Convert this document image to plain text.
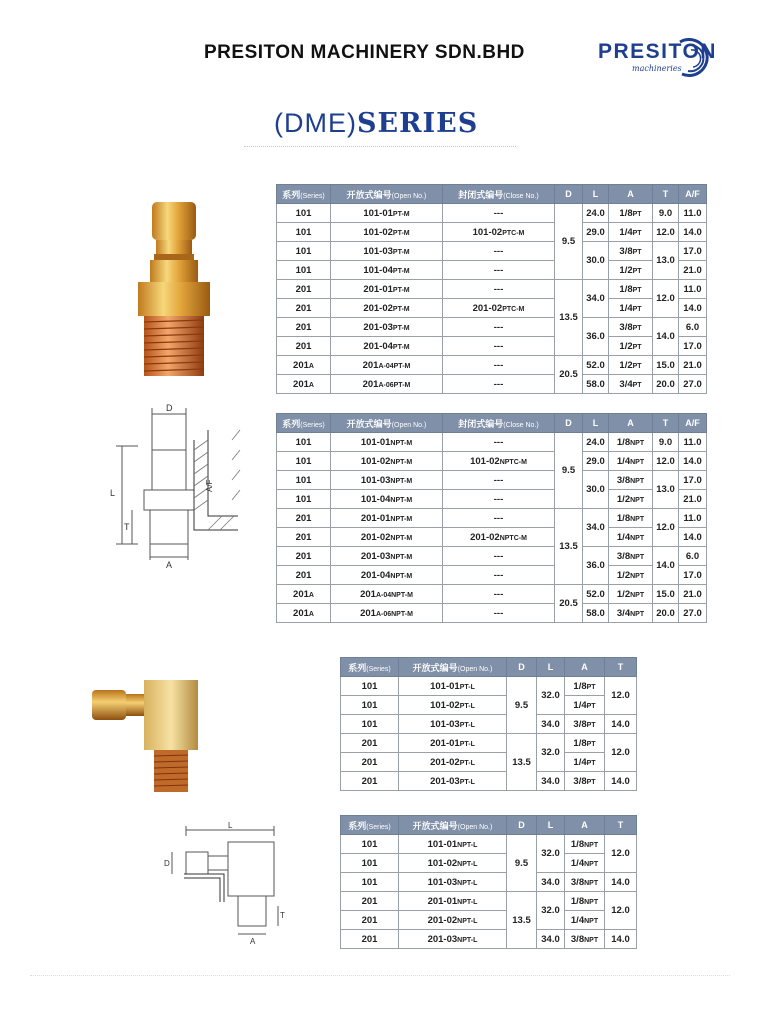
PRESITON MACHINERY SDN.BHD	PRESITON
machineries
(DME)SERIES
D
L
T
A
A/F
L
D
T
A
系列(Series)	开放式编号(Open No.)	封闭式编号(Close No.)	D	L	A	T	A/F
101	101-01PT-M	---	9.5	24.0	1/8PT	9.0	11.0
101	101-02PT-M	101-02PTC-M		29.0	1/4PT	12.0	14.0
101	101-03PT-M	---		30.0	3/8PT	13.0	17.0
101	101-04PT-M	---			1/2PT		21.0
201	201-01PT-M	---	13.5	34.0	1/8PT	12.0	11.0
201	201-02PT-M	201-02PTC-M			1/4PT		14.0
201	201-03PT-M	---		36.0	3/8PT	14.0	6.0
201	201-04PT-M	---			1/2PT		17.0
201A	201A-04PT-M	---	20.5	52.0	1/2PT	15.0	21.0
201A	201A-06PT-M	---		58.0	3/4PT	20.0	27.0
系列(Series)	开放式编号(Open No.)	封闭式编号(Close No.)	D	L	A	T	A/F
101	101-01NPT-M	---	9.5	24.0	1/8NPT	9.0	11.0
101	101-02NPT-M	101-02NPTC-M		29.0	1/4NPT	12.0	14.0
101	101-03NPT-M	---		30.0	3/8NPT	13.0	17.0
101	101-04NPT-M	---			1/2NPT		21.0
201	201-01NPT-M	---	13.5	34.0	1/8NPT	12.0	11.0
201	201-02NPT-M	201-02NPTC-M			1/4NPT		14.0
201	201-03NPT-M	---		36.0	3/8NPT	14.0	6.0
201	201-04NPT-M	---			1/2NPT		17.0
201A	201A-04NPT-M	---	20.5	52.0	1/2NPT	15.0	21.0
201A	201A-06NPT-M	---		58.0	3/4NPT	20.0	27.0
系列(Series)	开放式编号(Open No.)	D	L	A	T
101	101-01PT-L	9.5	32.0	1/8PT	12.0
101	101-02PT-L			1/4PT	
101	101-03PT-L		34.0	3/8PT	14.0
201	201-01PT-L	13.5	32.0	1/8PT	12.0
201	201-02PT-L			1/4PT	
201	201-03PT-L		34.0	3/8PT	14.0
系列(Series)	开放式编号(Open No.)	D	L	A	T
101	101-01NPT-L	9.5	32.0	1/8NPT	12.0
101	101-02NPT-L			1/4NPT	
101	101-03NPT-L		34.0	3/8NPT	14.0
201	201-01NPT-L	13.5	32.0	1/8NPT	12.0
201	201-02NPT-L			1/4NPT	
201	201-03NPT-L		34.0	3/8NPT	14.0
